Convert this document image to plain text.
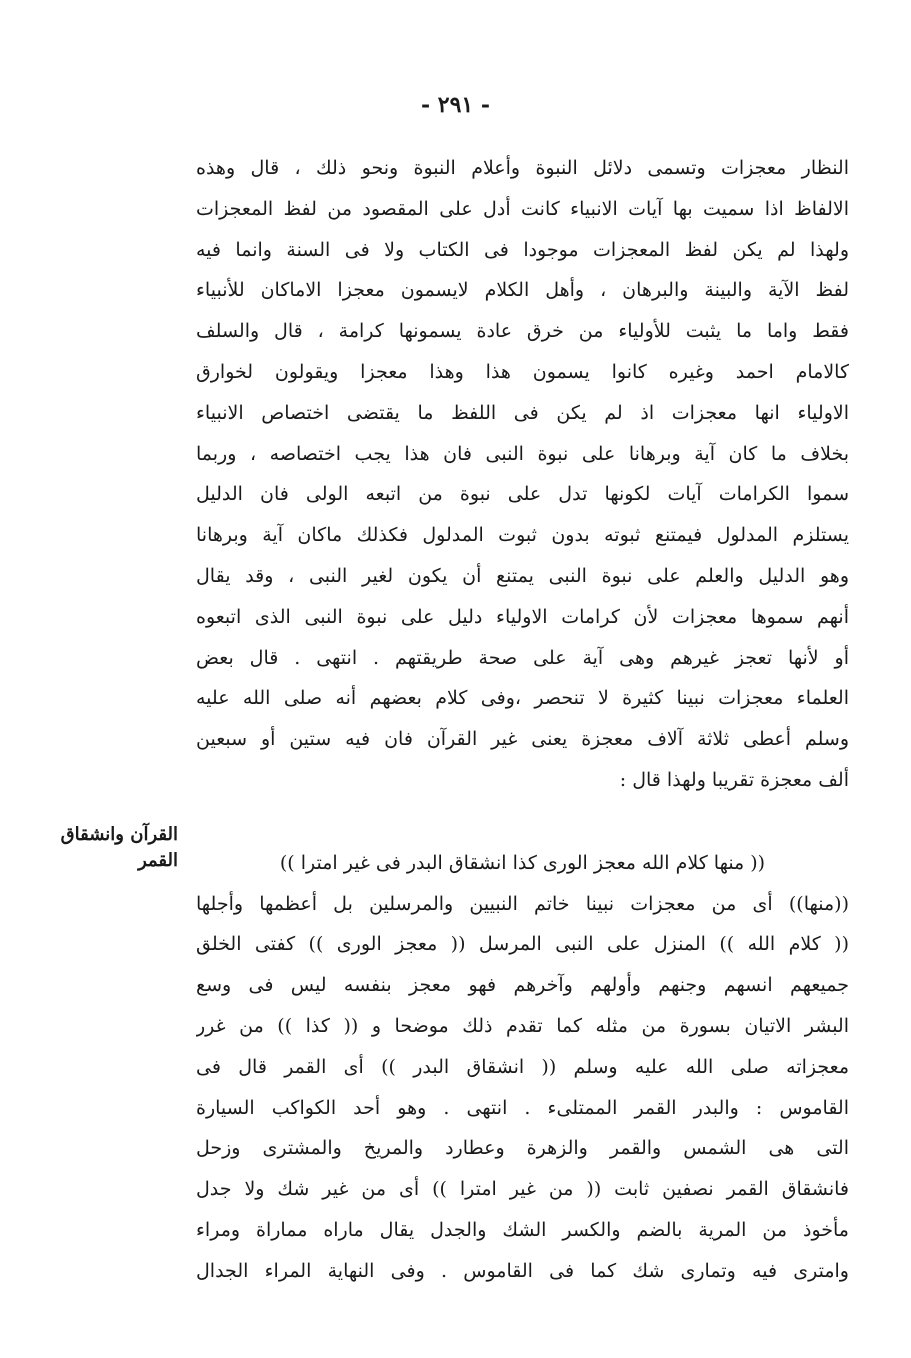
- ٢٩١ -
القرآن وانشقاق
القمر
النظار معجزات وتسمى دلائل النبوة وأعلام النبوة ونحو ذلك ، قال وهذه
الالفاظ اذا سميت بها آيات الانبياء كانت أدل على المقصود من لفظ المعجزات
ولهذا لم يكن لفظ المعجزات موجودا فى الكتاب ولا فى السنة وانما فيه
لفظ الآية والبينة والبرهان ، وأهل الكلام لايسمون معجزا الاماكان للأنبياء
فقط واما ما يثبت للأولياء من خرق عادة يسمونها كرامة ، قال والسلف
كالامام احمد وغيره كانوا يسمون هذا وهذا معجزا ويقولون لخوارق
الاولياء انها معجزات اذ لم يكن فى اللفظ ما يقتضى اختصاص الانبياء
بخلاف ما كان آية وبرهانا على نبوة النبى فان هذا يجب اختصاصه ، وربما
سموا الكرامات آيات لكونها تدل على نبوة من اتبعه الولى فان الدليل
يستلزم المدلول فيمتنع ثبوته بدون ثبوت المدلول فكذلك ماكان آية وبرهانا
وهو الدليل والعلم على نبوة النبى يمتنع أن يكون لغير النبى ، وقد يقال
أنهم سموها معجزات لأن كرامات الاولياء دليل على نبوة النبى الذى اتبعوه
أو لأنها تعجز غيرهم وهى آية على صحة طريقتهم . انتهى . قال بعض
العلماء معجزات نبينا كثيرة لا تنحصر ،وفى كلام بعضهم أنه صلى الله عليه
وسلم أعطى ثلاثة آلاف معجزة يعنى غير القرآن فان فيه ستين أو سبعين
ألف معجزة تقريبا ولهذا قال :
(( منها كلام الله معجز الورى كذا انشقاق البدر فى غير امترا ))
((منها)) أى من معجزات نبينا خاتم النبيين والمرسلين بل أعظمها وأجلها
(( كلام الله )) المنزل على النبى المرسل (( معجز الورى )) كفتى الخلق
جميعهم انسهم وجنهم وأولهم وآخرهم فهو معجز بنفسه ليس فى وسع
البشر الاتيان بسورة من مثله كما تقدم ذلك موضحا و (( كذا )) من غرر
معجزاته صلى الله عليه وسلم (( انشقاق البدر )) أى القمر قال فى
القاموس : والبدر القمر الممتلىء . انتهى . وهو أحد الكواكب السيارة
التى هى الشمس والقمر والزهرة وعطارد والمريخ والمشترى وزحل
فانشقاق القمر نصفين ثابت (( من غير امترا )) أى من غير شك ولا جدل
مأخوذ من المرية بالضم والكسر الشك والجدل يقال ماراه مماراة ومراء
وامترى فيه وتمارى شك كما فى القاموس . وفى النهاية المراء الجدال
